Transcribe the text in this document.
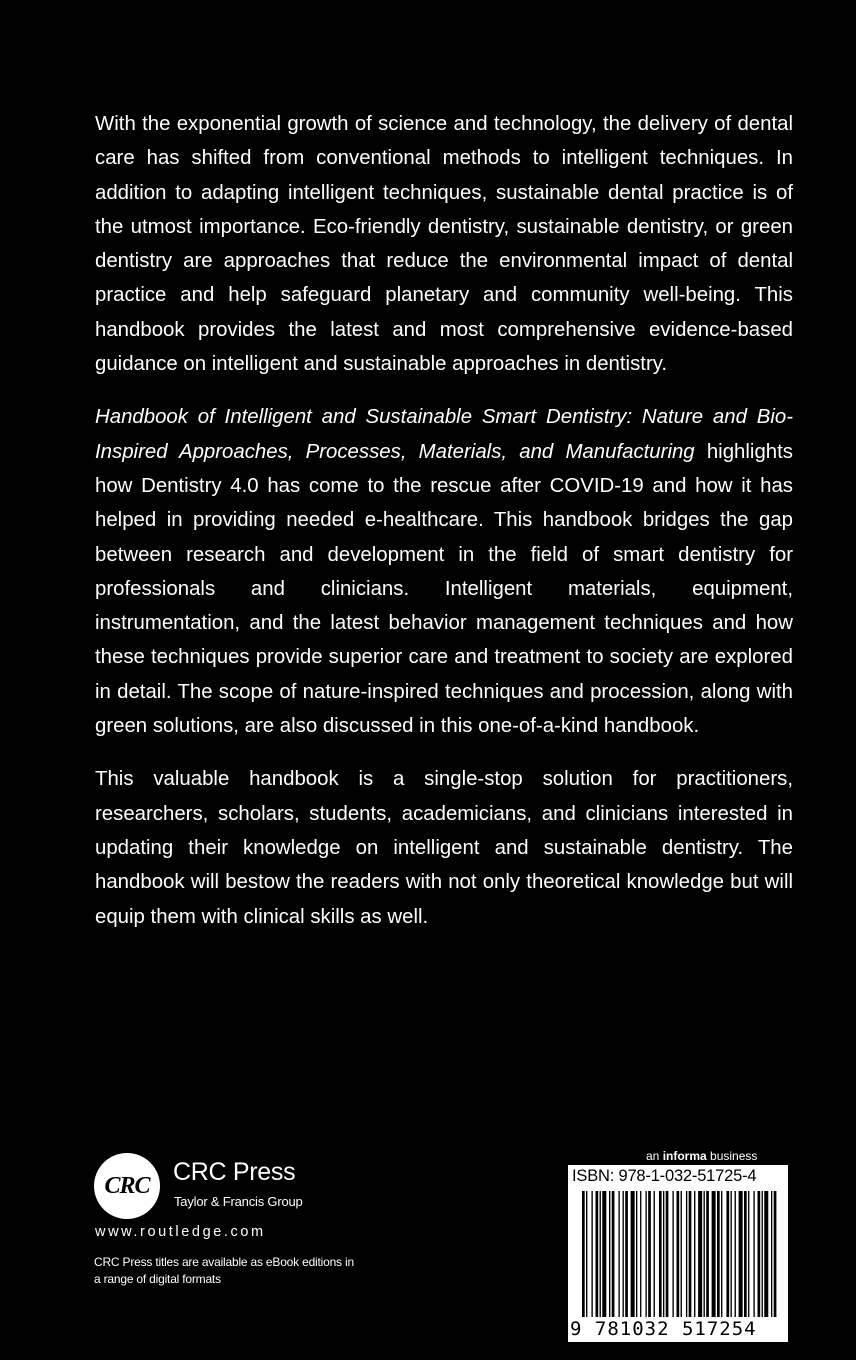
With the exponential growth of science and technology, the delivery of dental care has shifted from conventional methods to intelligent techniques. In addition to adapting intelligent techniques, sustainable dental practice is of the utmost importance. Eco-friendly dentistry, sustainable dentistry, or green dentistry are approaches that reduce the environmental impact of dental practice and help safeguard planetary and community well-being. This handbook provides the latest and most comprehensive evidence-based guidance on intelligent and sustainable approaches in dentistry.

Handbook of Intelligent and Sustainable Smart Dentistry: Nature and Bio-Inspired Approaches, Processes, Materials, and Manufacturing highlights how Dentistry 4.0 has come to the rescue after COVID-19 and how it has helped in providing needed e-healthcare. This handbook bridges the gap between research and development in the field of smart dentistry for professionals and clinicians. Intelligent materials, equipment, instrumentation, and the latest behavior management techniques and how these techniques provide superior care and treatment to society are explored in detail. The scope of nature-inspired techniques and procession, along with green solutions, are also discussed in this one-of-a-kind handbook.

This valuable handbook is a single-stop solution for practitioners, researchers, scholars, students, academicians, and clinicians interested in updating their knowledge on intelligent and sustainable dentistry. The handbook will bestow the readers with not only theoretical knowledge but will equip them with clinical skills as well.

CRC CRC Press
Taylor & Francis Group
www.routledge.com
CRC Press titles are available as eBook editions in a range of digital formats
an informa business
ISBN: 978-1-032-51725-4
9 781032 517254
